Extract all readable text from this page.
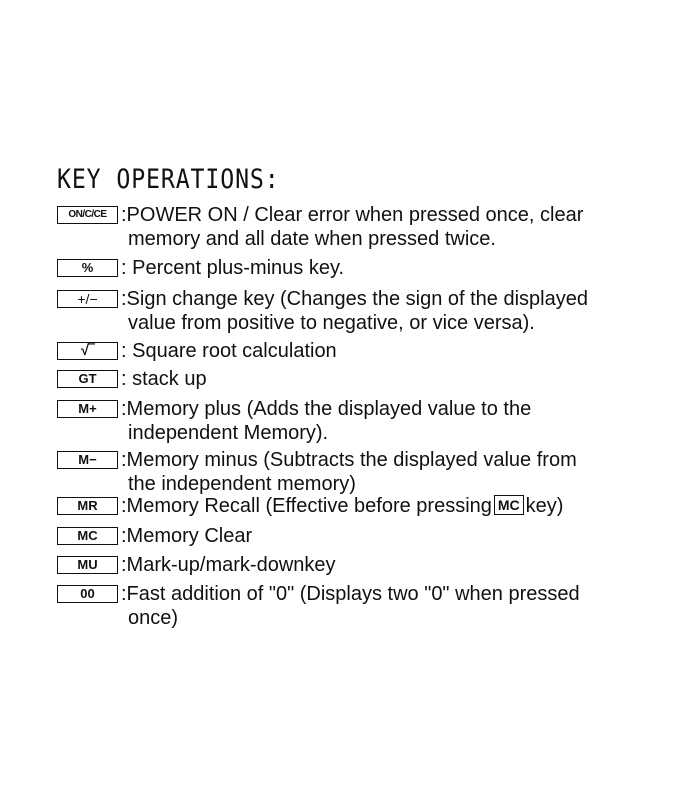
KEY OPERATIONS:
ON/C/CE :POWER ON / Clear error when pressed once, clear
memory and all date when pressed twice.
%	: Percent plus-minus key.
+/−	:Sign change key (Changes the sign of the displayed
value from positive to negative, or vice versa).
√‾	: Square root calculation
GT	: stack up
M+	:Memory plus (Adds the displayed value to the
independent Memory).
M−	:Memory minus (Subtracts the displayed value from
the independent memory)
MR	:Memory Recall (Effective before pressing MC key)
MC	:Memory Clear
MU	:Mark-up/mark-downkey
00	:Fast addition of "0" (Displays two "0" when pressed
once)
